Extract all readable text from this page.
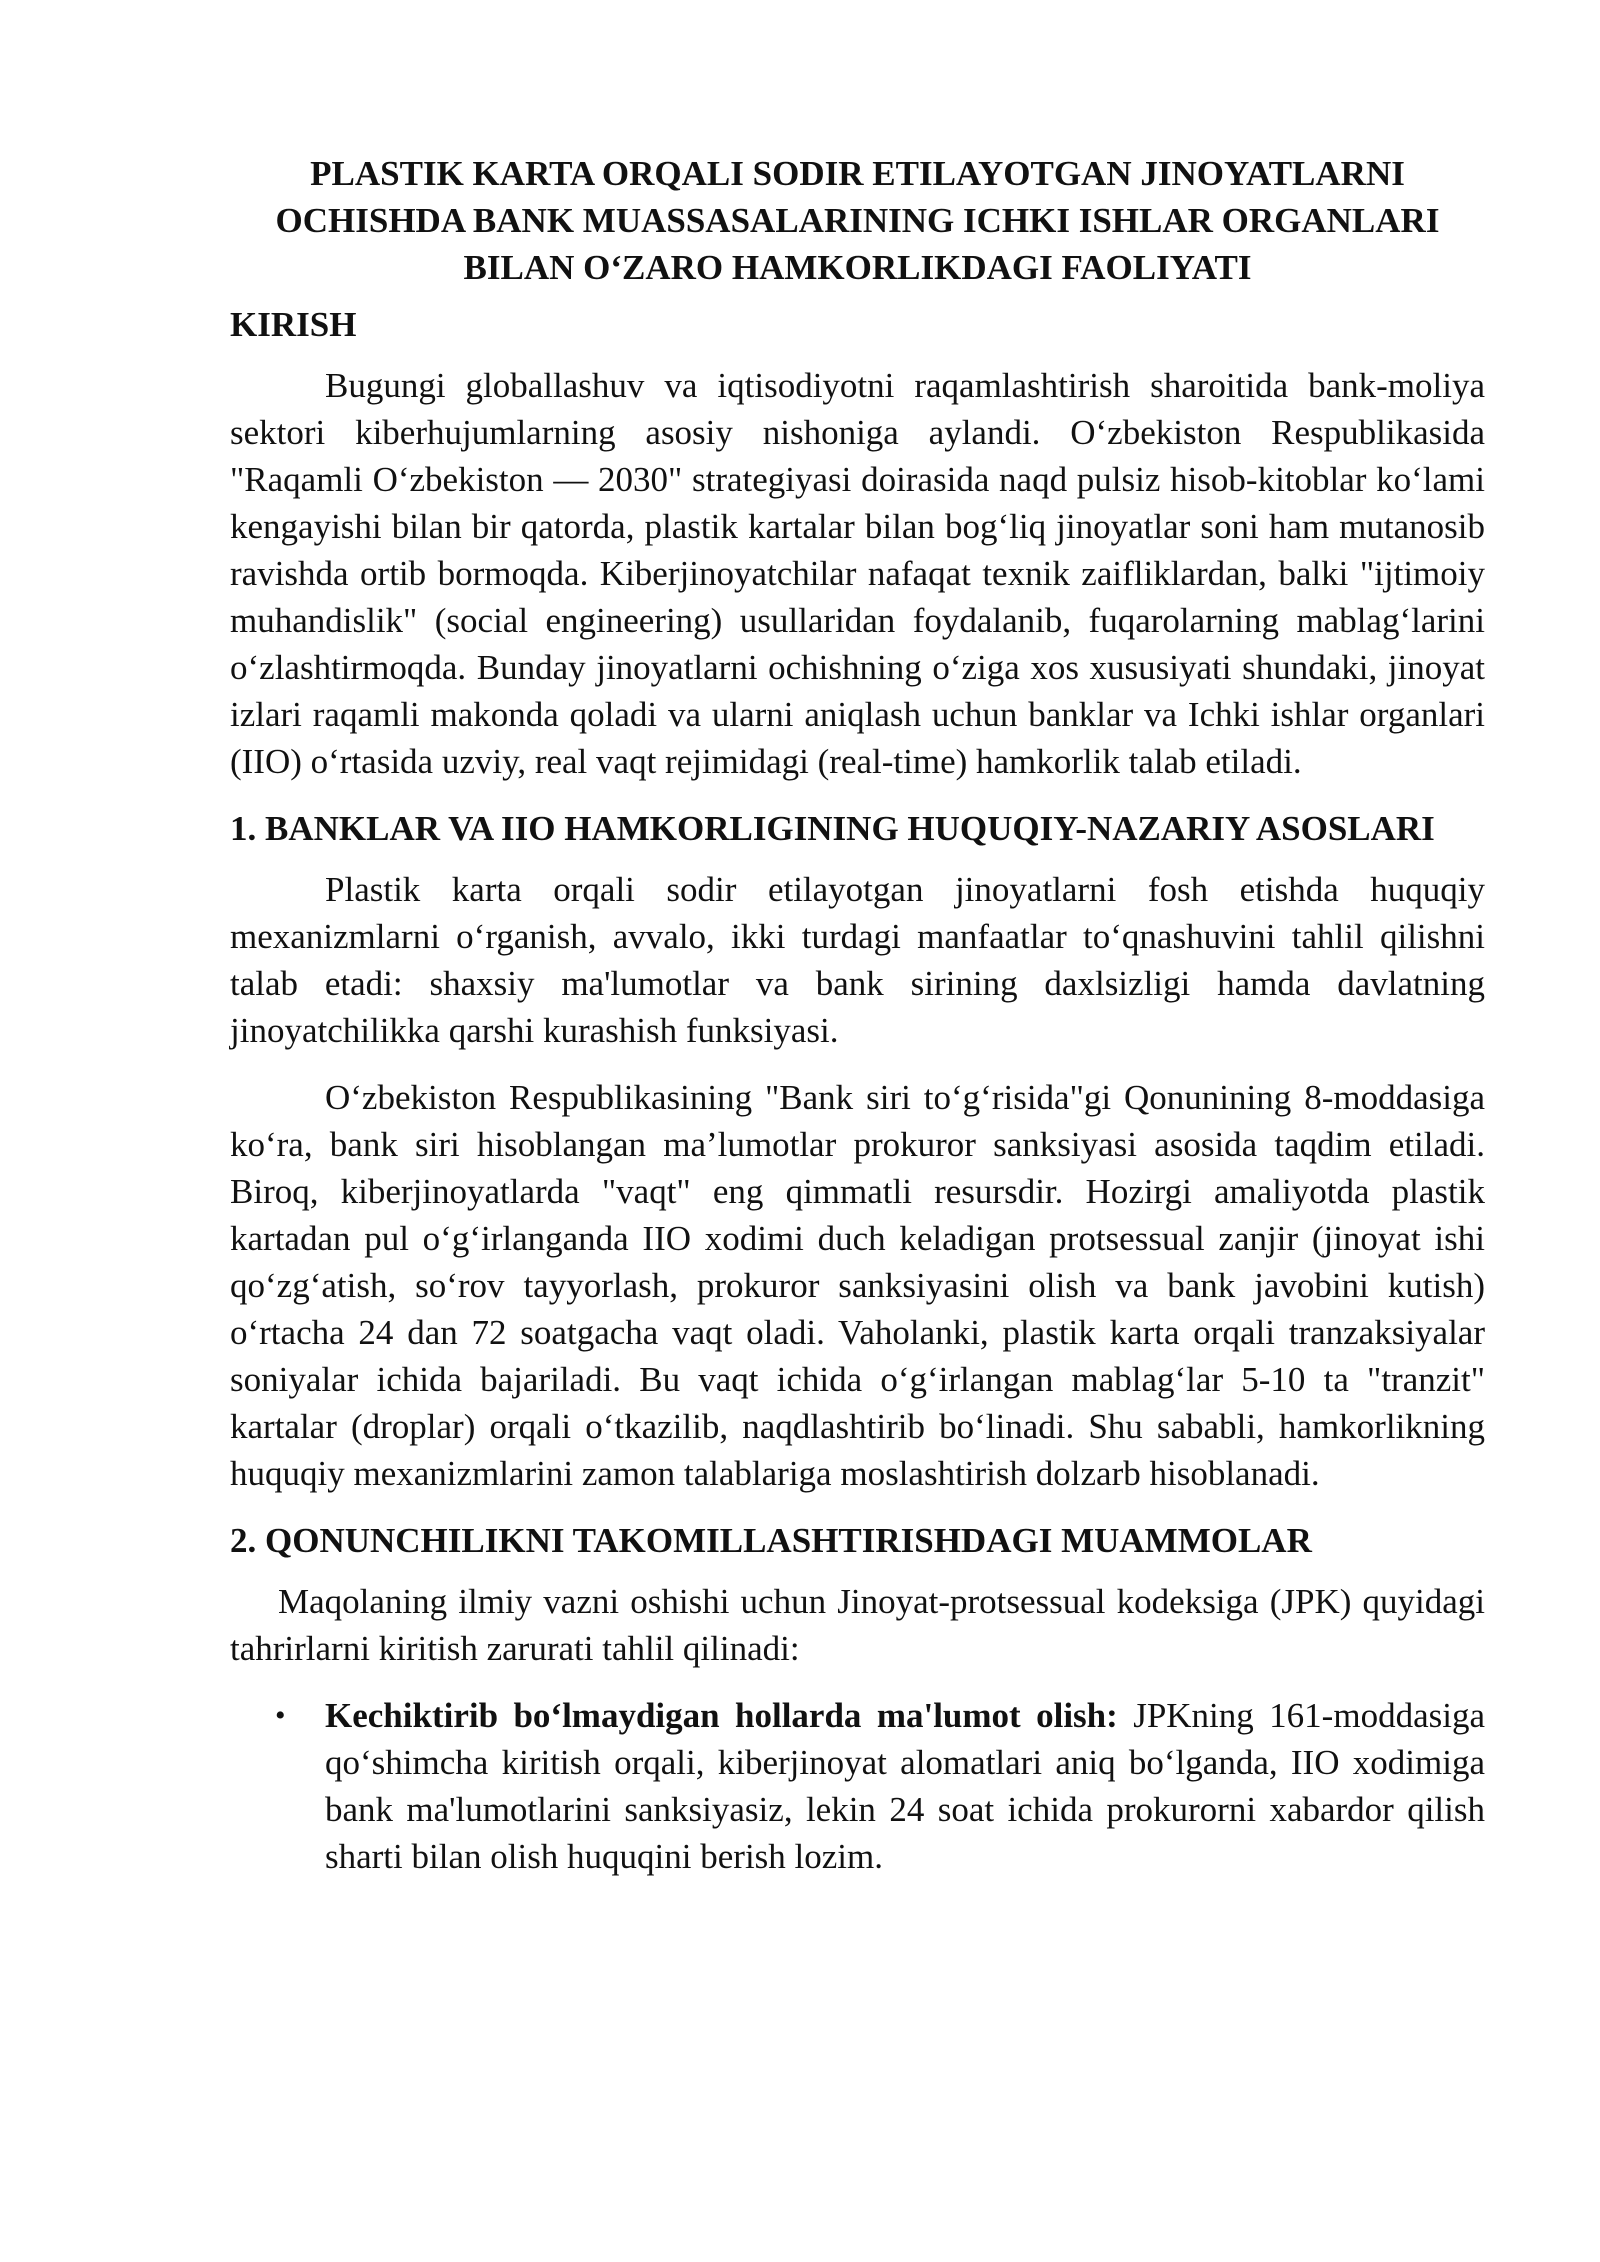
PLASTIK KARTA ORQALI SODIR ETILAYOTGAN JINOYATLARNI
OCHISHDA BANK MUASSASALARINING ICHKI ISHLAR ORGANLARI
BILAN O‘ZARO HAMKORLIKDAGI FAOLIYATI
KIRISH

Bugungi globallashuv va iqtisodiyotni raqamlashtirish sharoitida bank-moliya sektori kiberhujumlarning asosiy nishoniga aylandi. O‘zbekiston Respublikasida "Raqamli O‘zbekiston — 2030" strategiyasi doirasida naqd pulsiz hisob-kitoblar ko‘lami kengayishi bilan bir qatorda, plastik kartalar bilan bog‘liq jinoyatlar soni ham mutanosib ravishda ortib bormoqda. Kiberjinoyatchilar nafaqat texnik zaifliklardan, balki "ijtimoiy muhandislik" (social engineering) usullaridan foydalanib, fuqarolarning mablag‘larini o‘zlashtirmoqda. Bunday jinoyatlarni ochishning o‘ziga xos xususiyati shundaki, jinoyat izlari raqamli makonda qoladi va ularni aniqlash uchun banklar va Ichki ishlar organlari (IIO) o‘rtasida uzviy, real vaqt rejimidagi (real-time) hamkorlik talab etiladi.

1. BANKLAR VA IIO HAMKORLIGINING HUQUQIY-NAZARIY ASOSLARI

Plastik karta orqali sodir etilayotgan jinoyatlarni fosh etishda huquqiy mexanizmlarni o‘rganish, avvalo, ikki turdagi manfaatlar to‘qnashuvini tahlil qilishni talab etadi: shaxsiy ma'lumotlar va bank sirining daxlsizligi hamda davlatning jinoyatchilikka qarshi kurashish funksiyasi.

O‘zbekiston Respublikasining "Bank siri to‘g‘risida"gi Qonunining 8-moddasiga ko‘ra, bank siri hisoblangan ma’lumotlar prokuror sanksiyasi asosida taqdim etiladi. Biroq, kiberjinoyatlarda "vaqt" eng qimmatli resursdir. Hozirgi amaliyotda plastik kartadan pul o‘g‘irlanganda IIO xodimi duch keladigan protsessual zanjir (jinoyat ishi qo‘zg‘atish, so‘rov tayyorlash, prokuror sanksiyasini olish va bank javobini kutish) o‘rtacha 24 dan 72 soatgacha vaqt oladi. Vaholanki, plastik karta orqali tranzaksiyalar soniyalar ichida bajariladi. Bu vaqt ichida o‘g‘irlangan mablag‘lar 5-10 ta "tranzit" kartalar (droplar) orqali o‘tkazilib, naqdlashtirib bo‘linadi. Shu sababli, hamkorlikning huquqiy mexanizmlarini zamon talablariga moslashtirish dolzarb hisoblanadi.

2. QONUNCHILIKNI TAKOMILLASHTIRISHDAGI MUAMMOLAR

Maqolaning ilmiy vazni oshishi uchun Jinoyat-protsessual kodeksiga (JPK) quyidagi tahrirlarni kiritish zarurati tahlil qilinadi:

• Kechiktirib bo‘lmaydigan hollarda ma'lumot olish: JPKning 161-moddasiga qo‘shimcha kiritish orqali, kiberjinoyat alomatlari aniq bo‘lganda, IIO xodimiga bank ma'lumotlarini sanksiyasiz, lekin 24 soat ichida prokurorni xabardor qilish sharti bilan olish huquqini berish lozim.
